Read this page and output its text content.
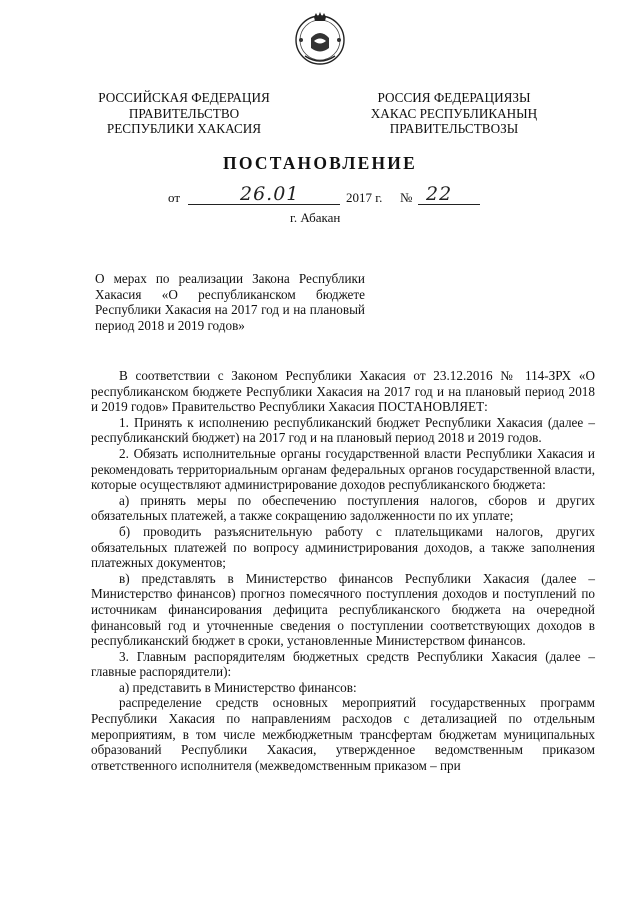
РОССИЙСКАЯ ФЕДЕРАЦИЯ
ПРАВИТЕЛЬСТВО
РЕСПУБЛИКИ ХАКАСИЯ
РОССИЯ ФЕДЕРАЦИЯЗЫ
ХАКАС РЕСПУБЛИКАНЫҢ
ПРАВИТЕЛЬСТВОЗЫ
ПОСТАНОВЛЕНИЕ
от	26.01	2017 г. № 22
г. Абакан
О мерах по реализации Закона Республики Хакасия «О республиканском бюджете Республики Хакасия на 2017 год и на плановый период 2018 и 2019 годов»

В соответствии с Законом Республики Хакасия от 23.12.2016 № 114-ЗРХ «О республиканском бюджете Республики Хакасия на 2017 год и на плановый период 2018 и 2019 годов» Правительство Республики Хакасия ПОСТАНОВЛЯЕТ:

1. Принять к исполнению республиканский бюджет Республики Хакасия (далее – республиканский бюджет) на 2017 год и на плановый период 2018 и 2019 годов.

2. Обязать исполнительные органы государственной власти Республики Хакасия и рекомендовать территориальным органам федеральных органов государственной власти, которые осуществляют администрирование доходов республиканского бюджета:

а) принять меры по обеспечению поступления налогов, сборов и других обязательных платежей, а также сокращению задолженности по их уплате;

б) проводить разъяснительную работу с плательщиками налогов, других обязательных платежей по вопросу администрирования доходов, а также заполнения платежных документов;

в) представлять в Министерство финансов Республики Хакасия (далее – Министерство финансов) прогноз помесячного поступления доходов и поступлений по источникам финансирования дефицита республиканского бюджета на очередной финансовый год и уточненные сведения о поступлении соответствующих доходов в республиканский бюджет в сроки, установленные Министерством финансов.

3. Главным распорядителям бюджетных средств Республики Хакасия (далее – главные распорядители):

а) представить в Министерство финансов:

распределение средств основных мероприятий государственных программ Республики Хакасия по направлениям расходов с детализацией по отдельным мероприятиям, в том числе межбюджетным трансфертам бюджетам муниципальных образований Республики Хакасия, утвержденное ведомственным приказом ответственного исполнителя (межведомственным приказом – при
